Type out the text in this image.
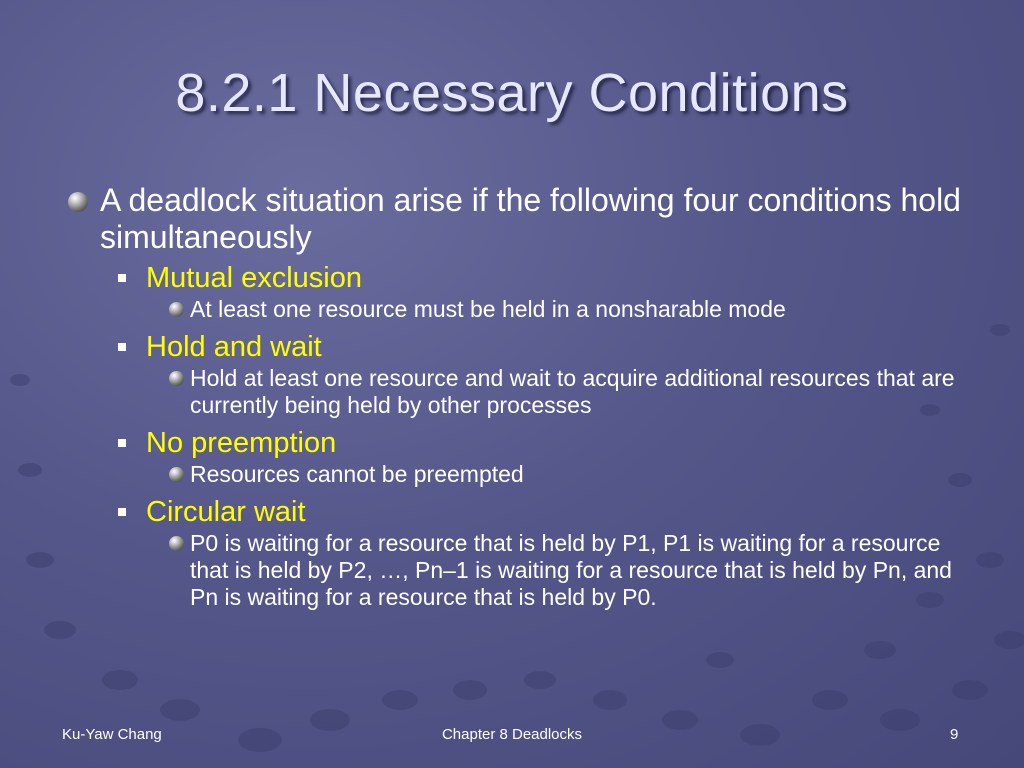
8.2.1 Necessary Conditions
A deadlock situation arise if the following four conditions hold simultaneously
Mutual exclusion
At least one resource must be held in a nonsharable mode
Hold and wait
Hold at least one resource and wait to acquire additional resources that are currently being held by other processes
No preemption
Resources cannot be preempted
Circular wait
P0 is waiting for a resource that is held by P1, P1 is waiting for a resource that is held by P2, …, Pn–1 is waiting for a resource that is held by Pn, and Pn is waiting for a resource that is held by P0.
Ku-Yaw Chang	Chapter 8 Deadlocks	9
